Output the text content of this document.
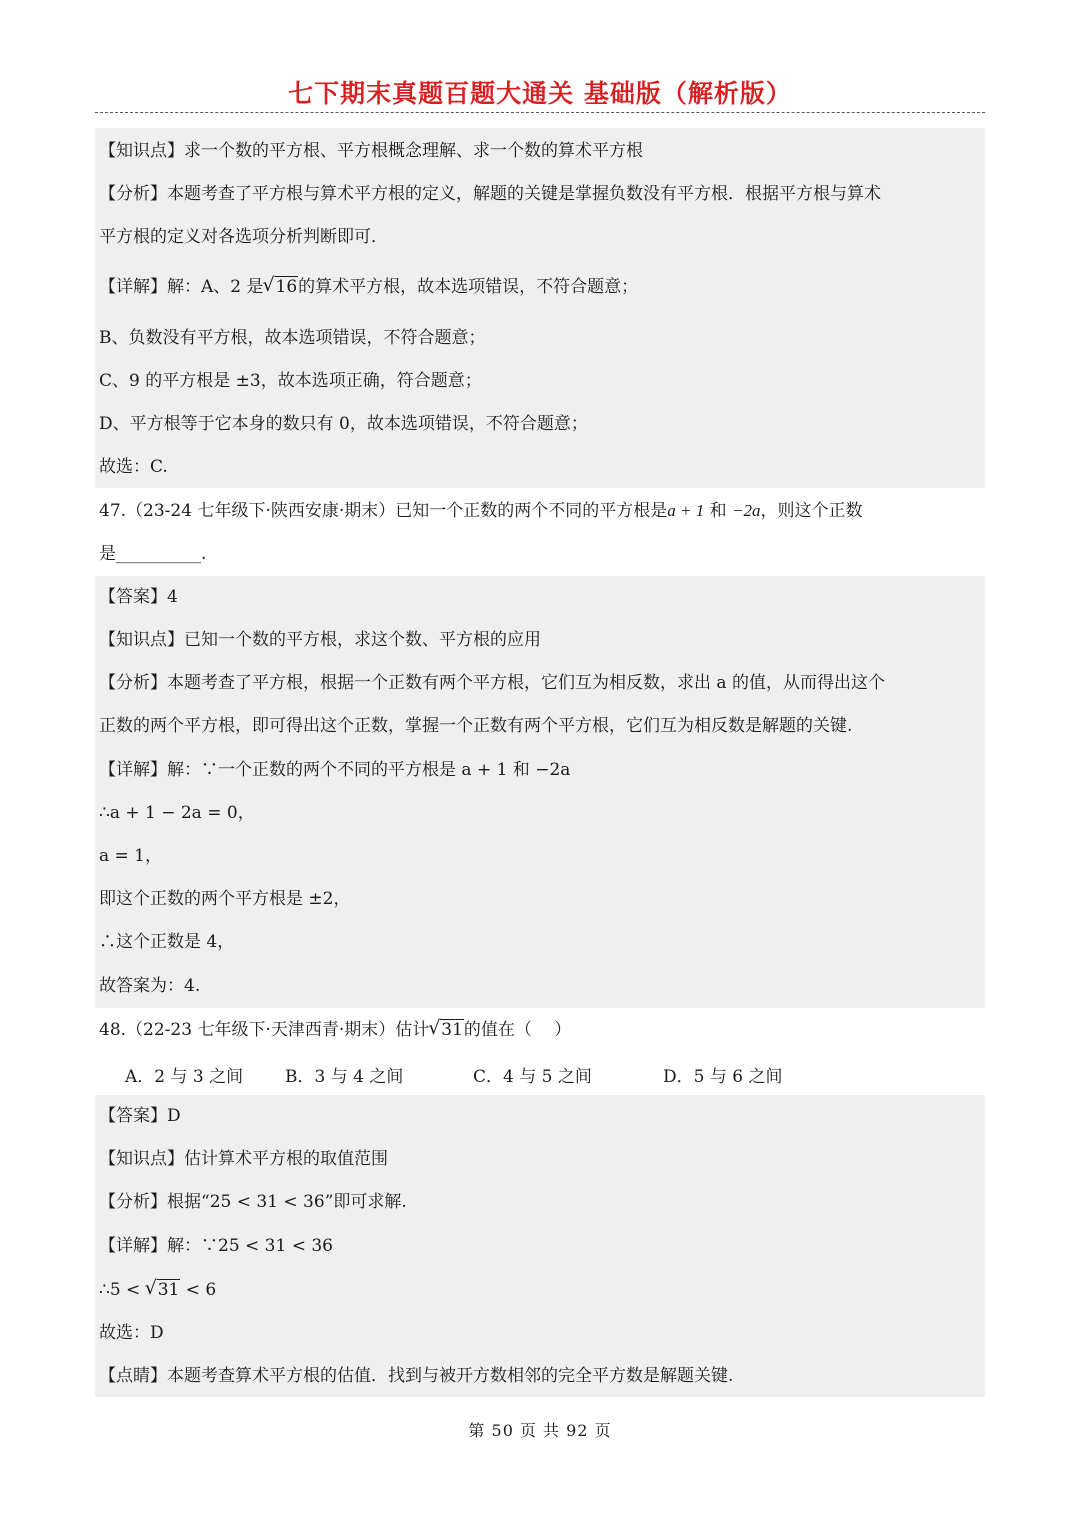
七下期末真题百题大通关 基础版（解析版）
【知识点】求一个数的平方根、平方根概念理解、求一个数的算术平方根
【分析】本题考查了平方根与算术平方根的定义，解题的关键是掌握负数没有平方根．根据平方根与算术
平方根的定义对各选项分析判断即可．
【详解】解：A、2 是 √ 16的算术平方根，故本选项错误，不符合题意；
B、负数没有平方根，故本选项错误，不符合题意；
C、9 的平方根是 ±3，故本选项正确，符合题意；
D、平方根等于它本身的数只有 0，故本选项错误，不符合题意；
故选：C.
47.（23-24 七年级下·陕西安康·期末）已知一个正数的两个不同的平方根是a + 1 和 −2a，则这个正数
是__________.
【答案】4
【知识点】已知一个数的平方根，求这个数、平方根的应用
【分析】本题考查了平方根，根据一个正数有两个平方根，它们互为相反数，求出 a 的值，从而得出这个
正数的两个平方根，即可得出这个正数，掌握一个正数有两个平方根，它们互为相反数是解题的关键.
【详解】解：∵一个正数的两个不同的平方根是 a + 1 和 −2a
∴a + 1 − 2a = 0，
a = 1，
即这个正数的两个平方根是 ±2，
∴这个正数是 4，
故答案为：4.
48.（22-23 七年级下·天津西青·期末）估计 √ 31的值在（　 ）
A．2 与 3 之间 B．3 与 4 之间	C．4 与 5 之间	D．5 与 6 之间
【答案】D
【知识点】估计算术平方根的取值范围
【分析】根据“25 < 31 < 36”即可求解.
【详解】解：∵25 < 31 < 36
∴5 < √ 31 < 6
故选：D
【点睛】本题考查算术平方根的估值．找到与被开方数相邻的完全平方数是解题关键.
第 50 页 共 92 页
